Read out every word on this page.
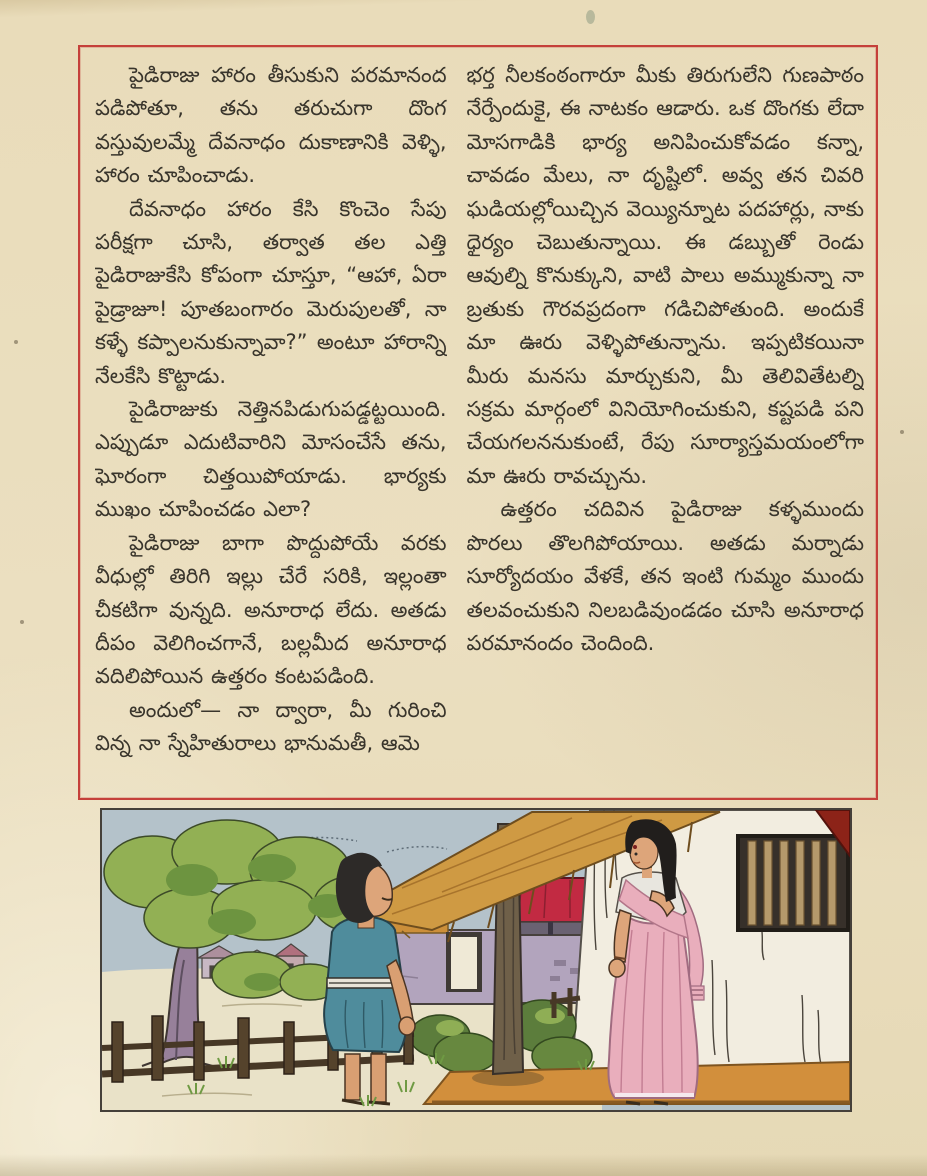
పైడిరాజు హారం తీసుకుని పరమానంద పడిపోతూ, తను తరుచుగా దొంగ వస్తువులమ్మే దేవనాధం దుకాణానికి వెళ్ళి, హారం చూపించాడు.

దేవనాధం హారం కేసి కొంచెం సేపు పరీక్షగా చూసి, తర్వాత తల ఎత్తి పైడిరాజుకేసి కోపంగా చూస్తూ, “ఆహా, ఏరా పైడ్రాజూ! పూతబంగారం మెరుపులతో, నా కళ్ళే కప్పాలనుకున్నావా?” అంటూ హారాన్ని నేలకేసి కొట్టాడు.

పైడిరాజుకు నెత్తినపిడుగుపడ్డట్టయింది. ఎప్పుడూ ఎదుటివారిని మోసంచేసే తను, ఘోరంగా చిత్తయిపోయాడు. భార్యకు ముఖం చూపించడం ఎలా?

పైడిరాజు బాగా పొద్దుపోయే వరకు వీధుల్లో తిరిగి ఇల్లు చేరే సరికి, ఇల్లంతా చీకటిగా వున్నది. అనూరాధ లేదు. అతడు దీపం వెలిగించగానే, బల్లమీద అనూరాధ వదిలిపోయిన ఉత్తరం కంటపడింది.

అందులో— నా ద్వారా, మీ గురించి విన్న నా స్నేహితురాలు భానుమతీ, ఆమె

భర్త నీలకంఠంగారూ మీకు తిరుగులేని గుణపాఠం నేర్పేందుకై, ఈ నాటకం ఆడారు. ఒక దొంగకు లేదా మోసగాడికి భార్య అనిపించుకోవడం కన్నా, చావడం మేలు, నా దృష్టిలో. అవ్వ తన చివరి ఘడియల్లోయిచ్చిన వెయ్యిన్నూట పదహార్లు, నాకు ధైర్యం చెబుతున్నాయి. ఈ డబ్బుతో రెండు ఆవుల్ని కొనుక్కుని, వాటి పాలు అమ్ముకున్నా నా బ్రతుకు గౌరవప్రదంగా గడిచిపోతుంది. అందుకే మా ఊరు వెళ్ళిపోతున్నాను. ఇప్పటికయినా మీరు మనసు మార్చుకుని, మీ తెలివితేటల్ని సక్రమ మార్గంలో వినియోగించుకుని, కష్టపడి పని చేయగలననుకుంటే, రేపు సూర్యాస్తమయంలోగా మా ఊరు రావచ్చును.

ఉత్తరం చదివిన పైడిరాజు కళ్ళముందు పొరలు తొలగిపోయాయి. అతడు మర్నాడు సూర్యోదయం వేళకే, తన ఇంటి గుమ్మం ముందు తలవంచుకుని నిలబడివుండడం చూసి అనూరాధ పరమానందం చెందింది.
